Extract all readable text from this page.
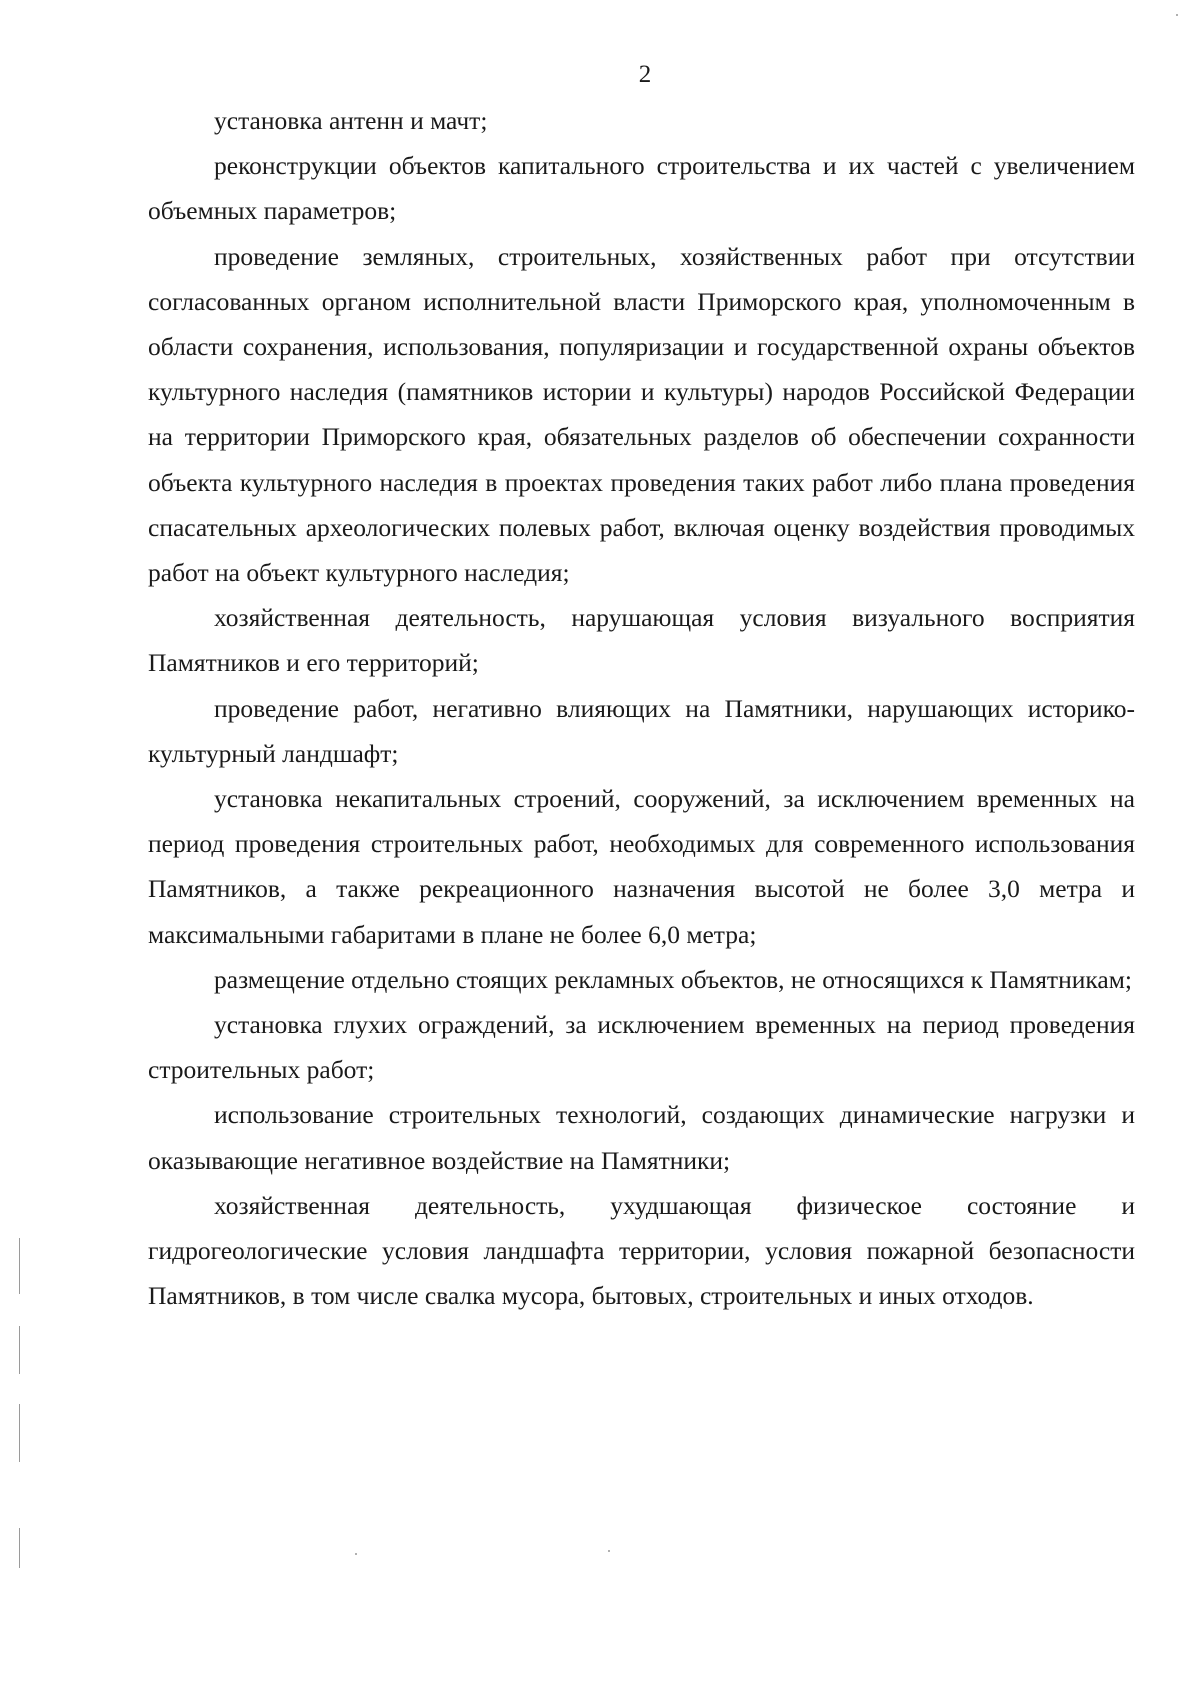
2

установка антенн и мачт;

реконструкции объектов капитального строительства и их частей с увеличением объемных параметров;

проведение земляных, строительных, хозяйственных работ при отсутствии согласованных органом исполнительной власти Приморского края, уполномоченным в области сохранения, использования, популяризации и государственной охраны объектов культурного наследия (памятников истории и культуры) народов Российской Федерации на территории Приморского края, обязательных разделов об обеспечении сохранности объекта культурного наследия в проектах проведения таких работ либо плана проведения спасательных археологических полевых работ, включая оценку воздействия проводимых работ на объект культурного наследия;

хозяйственная деятельность, нарушающая условия визуального восприятия Памятников и его территорий;

проведение работ, негативно влияющих на Памятники, нарушающих историко-культурный ландшафт;

установка некапитальных строений, сооружений, за исключением временных на период проведения строительных работ, необходимых для современного использования Памятников, а также рекреационного назначения высотой не более 3,0 метра и максимальными габаритами в плане не более 6,0 метра;

размещение отдельно стоящих рекламных объектов, не относящихся к Памятникам;

установка глухих ограждений, за исключением временных на период проведения строительных работ;

использование строительных технологий, создающих динамические нагрузки и оказывающие негативное воздействие на Памятники;

хозяйственная деятельность, ухудшающая физическое состояние и гидрогеологические условия ландшафта территории, условия пожарной безопасности Памятников, в том числе свалка мусора, бытовых, строительных и иных отходов.
